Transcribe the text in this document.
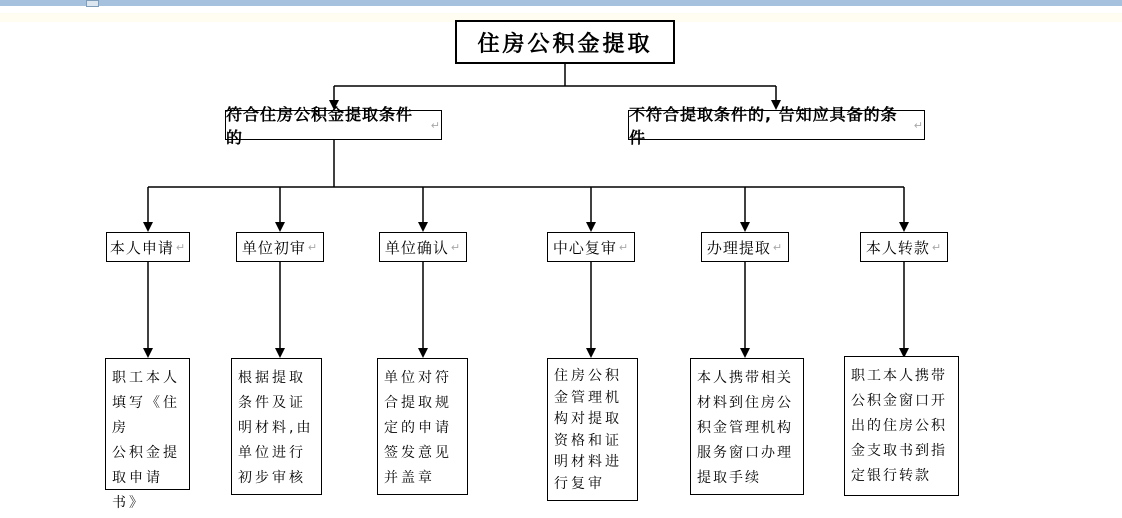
住房公积金提取
符合住房公积金提取条件的
↵
不符合提取条件的, 告知应具备的条件
↵
本人申请 ↵	单位初审 ↵	单位确认 ↵	中心复审 ↵	办理提取 ↵	本人转款 ↵
职工本人
填写《住房
公积金提
取申请书》
根据提取
条件及证
明材料,由
单位进行
初步审核
单位对符
合提取规
定的申请
签发意见
并盖章
住房公积
金管理机
构对提取
资格和证
明材料进
行复审
本人携带相关
材料到住房公
积金管理机构
服务窗口办理
提取手续
职工本人携带
公积金窗口开
出的住房公积
金支取书到指
定银行转款
